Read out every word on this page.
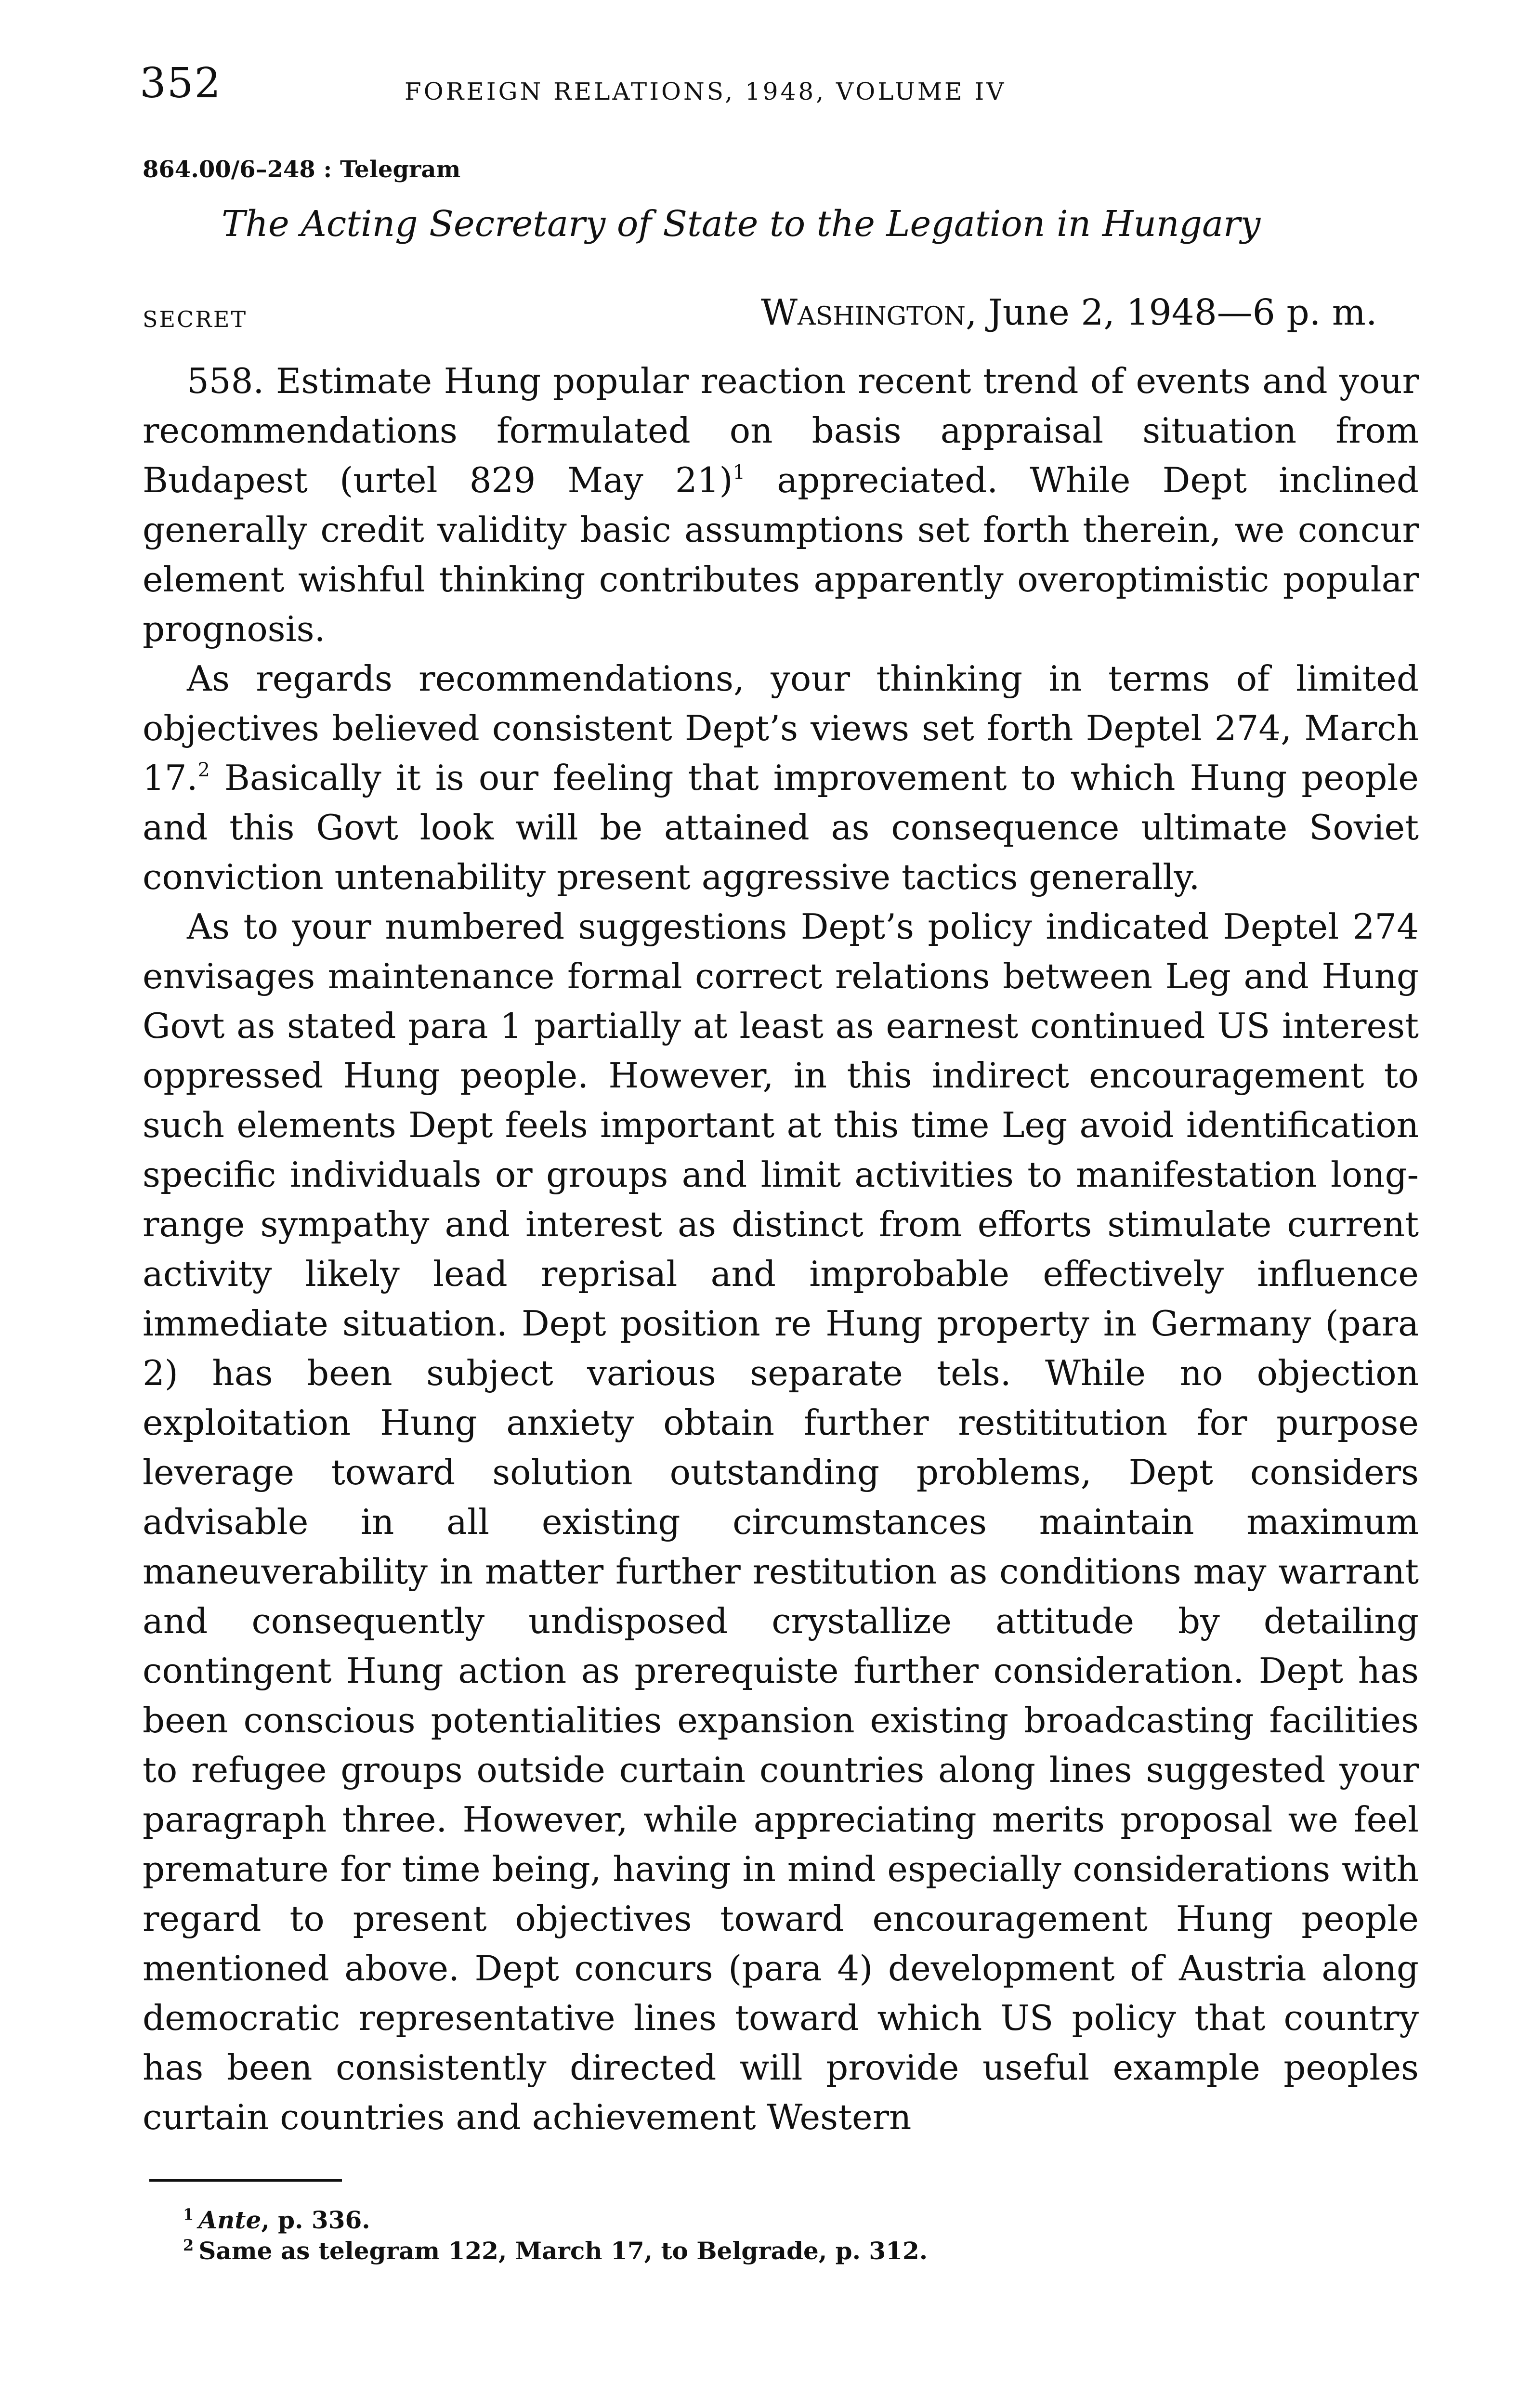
352	FOREIGN RELATIONS, 1948, VOLUME IV
864.00/6–248 : Telegram
The Acting Secretary of State to the Legation in Hungary
SECRET	Washington, June 2, 1948—6 p. m.

558. Estimate Hung popular reaction recent trend of events and your recommendations formulated on basis appraisal situation from Budapest (urtel 829 May 21)$^1$ appreciated. While Dept inclined generally credit validity basic assumptions set forth therein, we concur element wishful thinking contributes apparently overoptimistic popular prognosis.

As regards recommendations, your thinking in terms of limited objectives believed consistent Dept’s views set forth Deptel 274, March 17.$^2$ Basically it is our feeling that improvement to which Hung people and this Govt look will be attained as consequence ultimate Soviet conviction untenability present aggressive tactics generally.

As to your numbered suggestions Dept’s policy indicated Deptel 274 envisages maintenance formal correct relations between Leg and Hung Govt as stated para 1 partially at least as earnest continued US interest oppressed Hung people. However, in this indirect encouragement to such elements Dept feels important at this time Leg avoid identification specific individuals or groups and limit activities to manifestation long-range sympathy and interest as distinct from efforts stimulate current activity likely lead reprisal and improbable effectively influence immediate situation. Dept position re Hung property in Germany (para 2) has been subject various separate tels. While no objection exploitation Hung anxiety obtain further restititution for purpose leverage toward solution outstanding problems, Dept considers advisable in all existing circumstances maintain maximum maneuverability in matter further restitution as conditions may warrant and consequently undisposed crystallize attitude by detailing contingent Hung action as prerequiste further consideration. Dept has been conscious potentialities expansion existing broadcasting facilities to refugee groups outside curtain countries along lines suggested your paragraph three. However, while appreciating merits proposal we feel premature for time being, having in mind especially considerations with regard to present objectives toward encouragement Hung people mentioned above. Dept concurs (para 4) development of Austria along democratic representative lines toward which US policy that country has been consistently directed will provide useful example peoples curtain countries and achievement Western

$^1$ Ante, p. 336.
$^2$ Same as telegram 122, March 17, to Belgrade, p. 312.
